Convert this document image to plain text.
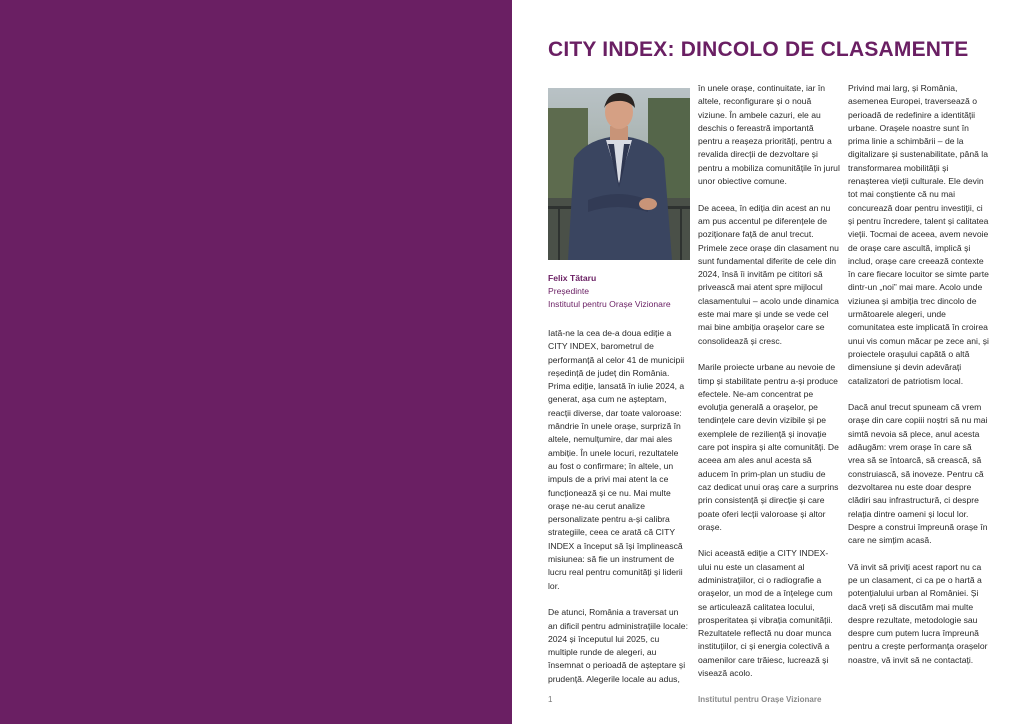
CITY INDEX: DINCOLO DE CLASAMENTE
Felix Tătaru
Președinte
Institutul pentru Orașe Vizionare

Iată-ne la cea de-a doua ediție a CITY INDEX, barometrul de performanță al celor 41 de municipii reședință de județ din România. Prima ediție, lansată în iulie 2024, a generat, așa cum ne așteptam, reacții diverse, dar toate valoroase: mândrie în unele orașe, surpriză în altele, nemulțumire, dar mai ales ambiție. În unele locuri, rezultatele au fost o confirmare; în altele, un impuls de a privi mai atent la ce funcționează și ce nu. Mai multe orașe ne-au cerut analize personalizate pentru a-și calibra strategiile, ceea ce arată că CITY INDEX a început să își împlinească misiunea: să fie un instrument de lucru real pentru comunități și liderii lor.

De atunci, România a traversat un an dificil pentru administrațiile locale: 2024 și începutul lui 2025, cu multiple runde de alegeri, au însemnat o perioadă de așteptare și prudență. Alegerile locale au adus,

în unele orașe, continuitate, iar în altele, reconfigurare și o nouă viziune. În ambele cazuri, ele au deschis o fereastră importantă pentru a reașeza priorități, pentru a revalida direcții de dezvoltare și pentru a mobiliza comunitățile în jurul unor obiective comune.

De aceea, în ediția din acest an nu am pus accentul pe diferențele de poziționare față de anul trecut. Primele zece orașe din clasament nu sunt fundamental diferite de cele din 2024, însă îi invităm pe cititori să privească mai atent spre mijlocul clasamentului – acolo unde dinamica este mai mare și unde se vede cel mai bine ambiția orașelor care se consolidează și cresc.

Marile proiecte urbane au nevoie de timp și stabilitate pentru a-și produce efectele. Ne-am concentrat pe evoluția generală a orașelor, pe tendințele care devin vizibile și pe exemplele de reziliență și inovație care pot inspira și alte comunități. De aceea am ales anul acesta să aducem în prim-plan un studiu de caz dedicat unui oraș care a surprins prin consistență și direcție și care poate oferi lecții valoroase și altor orașe.

Nici această ediție a CITY INDEX-ului nu este un clasament al administrațiilor, ci o radiografie a orașelor, un mod de a înțelege cum se articulează calitatea locului, prosperitatea și vibrația comunității. Rezultatele reflectă nu doar munca instituțiilor, ci și energia colectivă a oamenilor care trăiesc, lucrează și visează acolo.

Privind mai larg, și România, asemenea Europei, traversează o perioadă de redefinire a identității urbane. Orașele noastre sunt în prima linie a schimbării – de la digitalizare și sustenabilitate, până la transformarea mobilității și renașterea vieții culturale. Ele devin tot mai conștiente că nu mai concurează doar pentru investiții, ci și pentru încredere, talent și calitatea vieții. Tocmai de aceea, avem nevoie de orașe care ascultă, implică și includ, orașe care creează contexte în care fiecare locuitor se simte parte dintr-un „noi” mai mare. Acolo unde viziunea și ambiția trec dincolo de următoarele alegeri, unde comunitatea este implicată în croirea unui vis comun măcar pe zece ani, și proiectele orașului capătă o altă dimensiune și devin adevărați catalizatori de patriotism local.

Dacă anul trecut spuneam că vrem orașe din care copiii noștri să nu mai simtă nevoia să plece, anul acesta adăugăm: vrem orașe în care să vrea să se întoarcă, să crească, să construiască, să inoveze. Pentru că dezvoltarea nu este doar despre clădiri sau infrastructură, ci despre relația dintre oameni și locul lor. Despre a construi împreună orașe în care ne simțim acasă.

Vă invit să priviți acest raport nu ca pe un clasament, ci ca pe o hartă a potențialului urban al României. Și dacă vreți să discutăm mai multe despre rezultate, metodologie sau despre cum putem lucra împreună pentru a crește performanța orașelor noastre, vă invit să ne contactați.

1	Institutul pentru Orașe Vizionare
